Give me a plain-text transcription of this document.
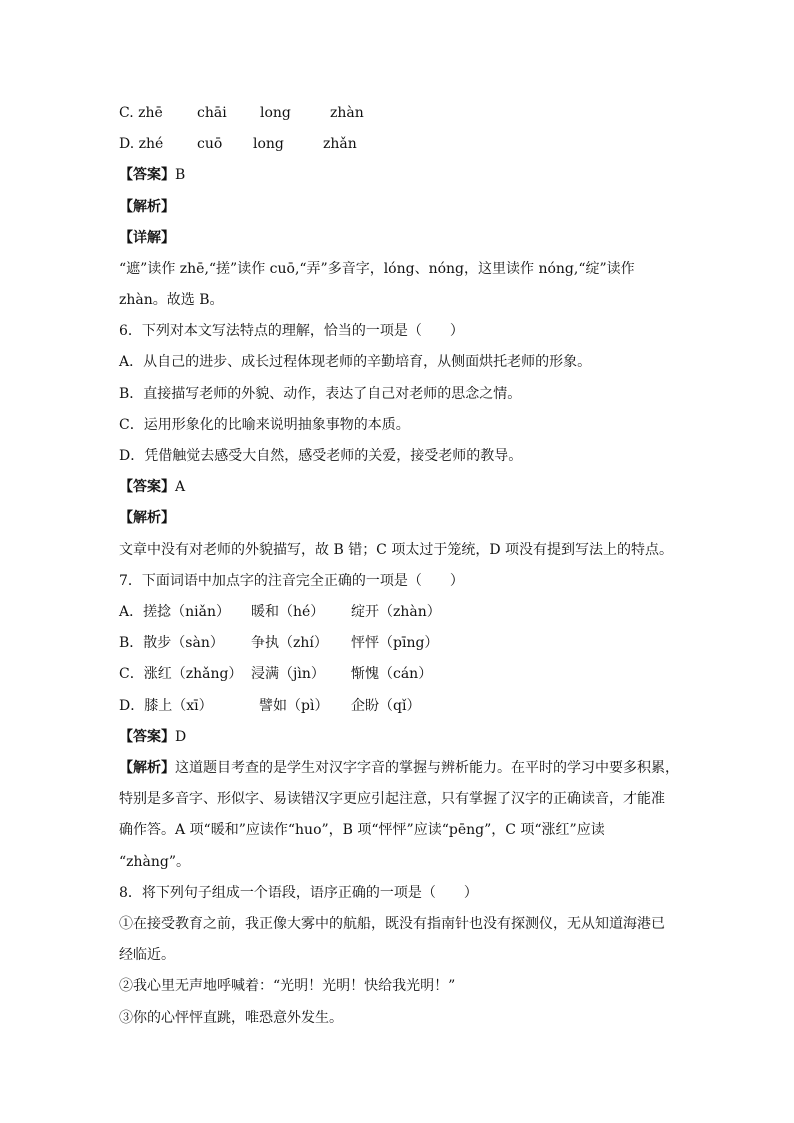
C. zhē chāi long	zhàn
D. zhé cuō long	zhǎn
【答案】B
【解析】
【详解】
“遮”读作 zhē,“搓”读作 cuō,“弄”多音字，lóng、nóng，这里读作 nóng,“绽”读作
zhàn。故选 B。
6．下列对本文写法特点的理解，恰当的一项是（　　）
A．从自己的进步、成长过程体现老师的辛勤培育，从侧面烘托老师的形象。
B．直接描写老师的外貌、动作，表达了自己对老师的思念之情。
C．运用形象化的比喻来说明抽象事物的本质。
D．凭借触觉去感受大自然，感受老师的关爱，接受老师的教导。
【答案】A
【解析】
文章中没有对老师的外貌描写，故 B 错；C 项太过于笼统，D 项没有提到写法上的特点。
7．下面词语中加点字的注音完全正确的一项是（　　）
A．搓捻（niǎn） 暖和（hé） 绽开（zhàn）
B．散步（sàn） 争执（zhí） 怦怦（pīng）
C．涨红（zhǎng） 浸满（jìn） 惭愧（cán）
D．膝上（xī）	譬如（pì） 企盼（qǐ）
【答案】D
【解析】这道题目考查的是学生对汉字字音的掌握与辨析能力。在平时的学习中要多积累，
特别是多音字、形似字、易读错汉字更应引起注意，只有掌握了汉字的正确读音，才能准
确作答。A 项“暖和”应读作“huo”，B 项“怦怦”应读“pēng”，C 项“涨红”应读
“zhàng”。
8．将下列句子组成一个语段，语序正确的一项是（　　）
①在接受教育之前，我正像大雾中的航船，既没有指南针也没有探测仪，无从知道海港已
经临近。
②我心里无声地呼喊着：“光明！光明！快给我光明！”
③你的心怦怦直跳，唯恐意外发生。
